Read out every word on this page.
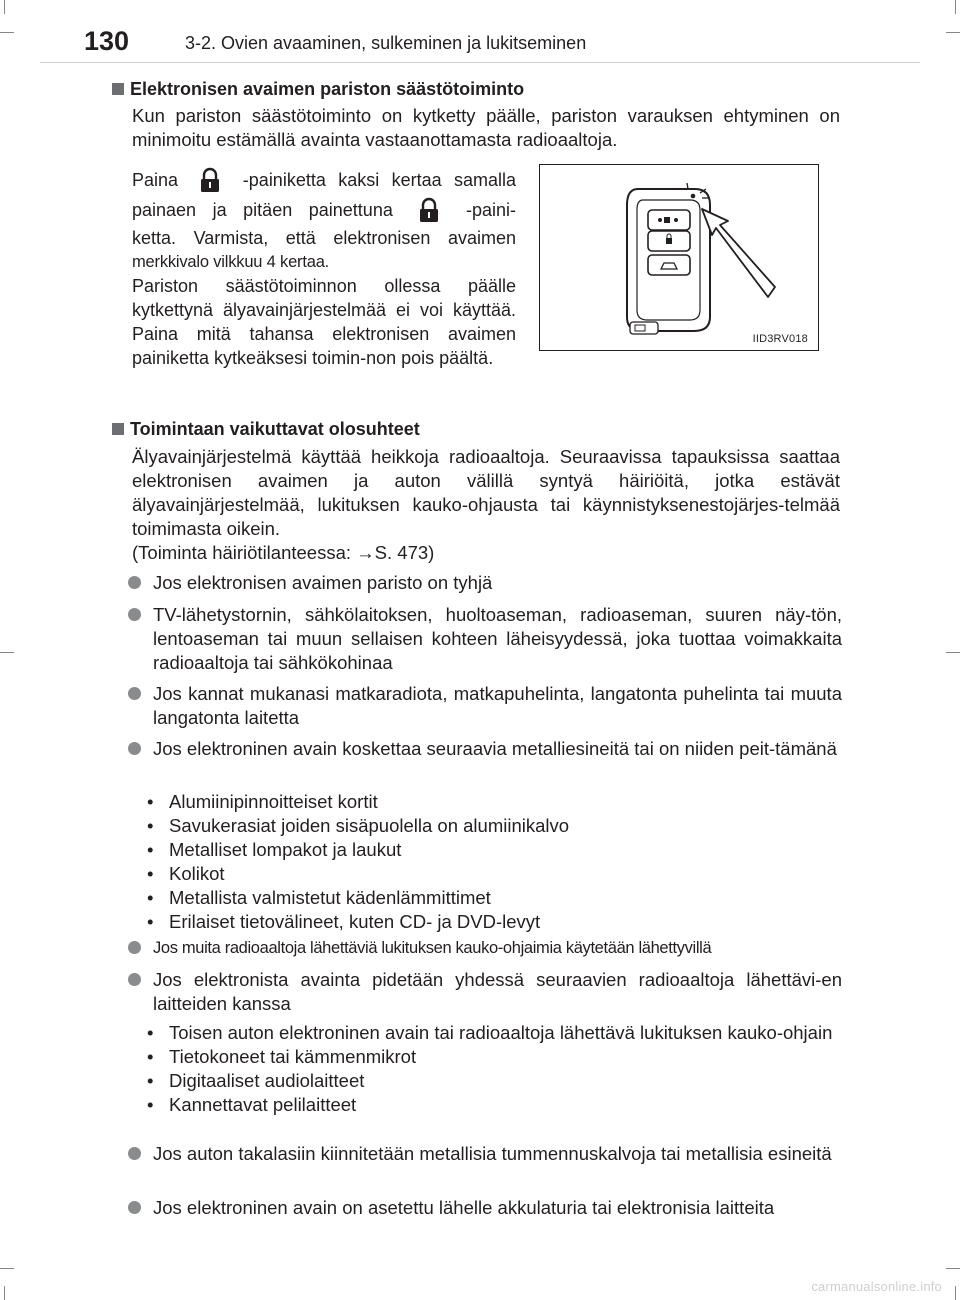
130	3-2. Ovien avaaminen, sulkeminen ja lukitseminen
Elektronisen avaimen pariston säästötoiminto
Kun pariston säästötoiminto on kytketty päälle, pariston varauksen ehtyminen on minimoitu estämällä avainta vastaanottamasta radioaaltoja.
Paina	-painiketta kaksi kertaa samalla
painaen ja pitäen painettuna	-paini-
ketta. Varmista, että elektronisen avaimen
merkkivalo vilkkuu 4 kertaa.
Pariston säästötoiminnon ollessa päälle kytkettynä älyavainjärjestelmää ei voi käyttää. Paina mitä tahansa elektronisen avaimen painiketta kytkeäksesi toimin-non pois päältä.
IID3RV018
Toimintaan vaikuttavat olosuhteet
Älyavainjärjestelmä käyttää heikkoja radioaaltoja. Seuraavissa tapauksissa saattaa elektronisen avaimen ja auton välillä syntyä häiriöitä, jotka estävät älyavainjärjestelmää, lukituksen kauko-ohjausta tai käynnistyksenestojärjes-telmää toimimasta oikein.
(Toiminta häiriötilanteessa: →S. 473)
Jos elektronisen avaimen paristo on tyhjä
TV-lähetystornin, sähkölaitoksen, huoltoaseman, radioaseman, suuren näy-tön, lentoaseman tai muun sellaisen kohteen läheisyydessä, joka tuottaa voimakkaita radioaaltoja tai sähkökohinaa
Jos kannat mukanasi matkaradiota, matkapuhelinta, langatonta puhelinta tai muuta langatonta laitetta
Jos elektroninen avain koskettaa seuraavia metalliesineitä tai on niiden peit-tämänä
• Alumiinipinnoitteiset kortit
• Savukerasiat joiden sisäpuolella on alumiinikalvo
• Metalliset lompakot ja laukut
• Kolikot
• Metallista valmistetut kädenlämmittimet
• Erilaiset tietovälineet, kuten CD- ja DVD-levyt
Jos muita radioaaltoja lähettäviä lukituksen kauko-ohjaimia käytetään lähettyvillä
Jos elektronista avainta pidetään yhdessä seuraavien radioaaltoja lähettävi-en laitteiden kanssa
• Toisen auton elektroninen avain tai radioaaltoja lähettävä lukituksen kauko-ohjain
• Tietokoneet tai kämmenmikrot
• Digitaaliset audiolaitteet
• Kannettavat pelilaitteet
Jos auton takalasiin kiinnitetään metallisia tummennuskalvoja tai metallisia esineitä
Jos elektroninen avain on asetettu lähelle akkulaturia tai elektronisia laitteita
carmanualsonline.info
